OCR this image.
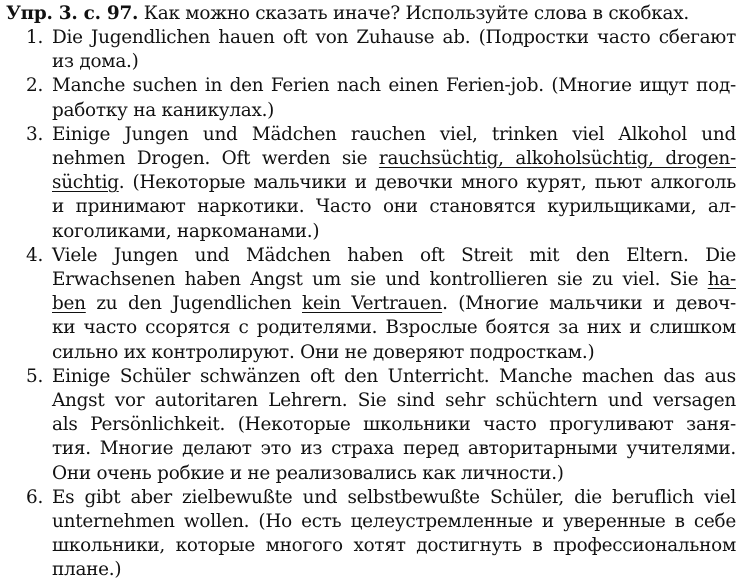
Упр. 3. с. 97. Как можно сказать иначе? Используйте слова в скобках.
1. Die Jugendlichen hauen oft von Zuhause ab. (Подростки часто сбегают
из дома.)
2. Manche suchen in den Ferien nach einen Ferien-job. (Многие ищут под-
работку на каникулах.)
3. Einige Jungen und Mädchen rauchen viel, trinken viel Alkohol und
nehmen Drogen. Oft werden sie rauchsüchtig, alkoholsüchtig, drogen-
süchtig. (Некоторые мальчики и девочки много курят, пьют алкоголь
и принимают наркотики. Часто они становятся курильщиками, ал-
коголиками, наркоманами.)
4. Viele Jungen und Mädchen haben oft Streit mit den Eltern. Die
Erwachsenen haben Angst um sie und kontrollieren sie zu viel. Sie ha-
ben zu den Jugendlichen kein Vertrauen. (Многие мальчики и девоч-
ки часто ссорятся с родителями. Взрослые боятся за них и слишком
сильно их контролируют. Они не доверяют подросткам.)
5. Einige Schüler schwänzen oft den Unterricht. Manche machen das aus
Angst vor autoritaren Lehrern. Sie sind sehr schüchtern und versagen
als Persönlichkeit. (Некоторые школьники часто прогуливают заня-
тия. Многие делают это из страха перед авторитарными учителями.
Они очень робкие и не реализовались как личности.)
6. Es gibt aber zielbewußte und selbstbewußte Schüler, die beruflich viel
unternehmen wollen. (Но есть целеустремленные и уверенные в себе
школьники, которые многого хотят достигнуть в профессиональном
плане.)
